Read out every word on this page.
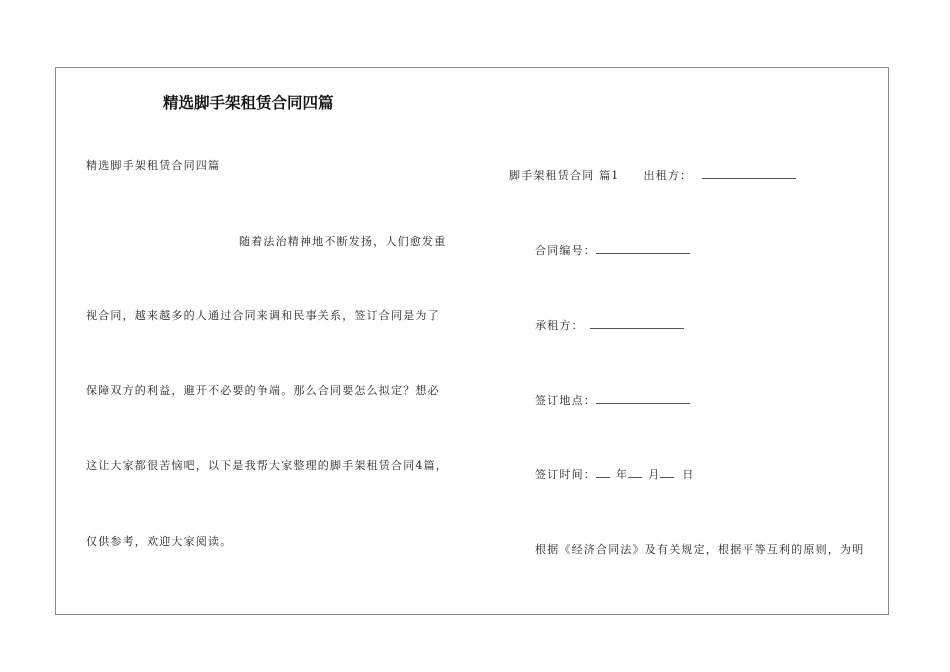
精选脚手架租赁合同四篇
精选脚手架租赁合同四篇
随着法治精神地不断发扬，人们愈发重
视合同，越来越多的人通过合同来调和民事关系，签订合同是为了
保障双方的利益，避开不必要的争端。那么合同要怎么拟定？想必
这让大家都很苦恼吧，以下是我帮大家整理的脚手架租赁合同4篇，
仅供参考，欢迎大家阅读。
脚手架租赁合同 篇1 出租方：
合同编号：
承租方：
签订地点：
签订时间： 年 月 日
根据《经济合同法》及有关规定，根据平等互利的原则，为明
